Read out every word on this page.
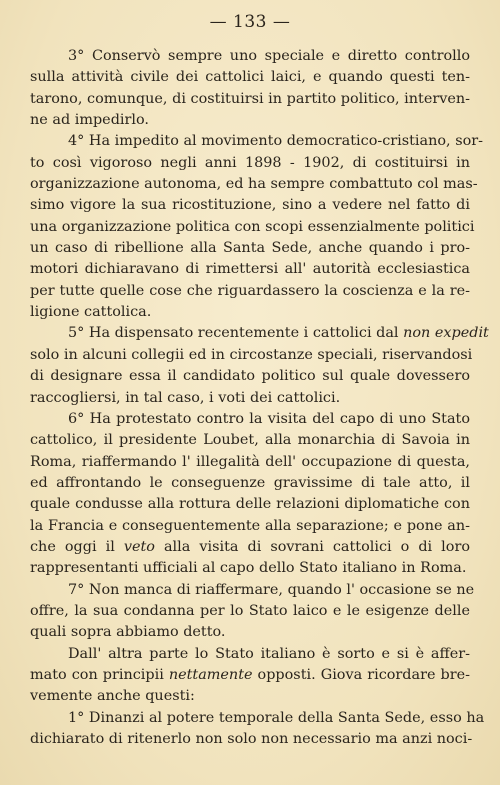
— 133 —
3° Conservò sempre uno speciale e diretto controllo
sulla attività civile dei cattolici laici, e quando questi ten-
tarono, comunque, di costituirsi in partito politico, interven-
ne ad impedirlo.
4° Ha impedito al movimento democratico-cristiano, sor-
to così vigoroso negli anni 1898 - 1902, di costituirsi in
organizzazione autonoma, ed ha sempre combattuto col mas-
simo vigore la sua ricostituzione, sino a vedere nel fatto di
una organizzazione politica con scopi essenzialmente politici
un caso di ribellione alla Santa Sede, anche quando i pro-
motori dichiaravano di rimettersi all' autorità ecclesiastica
per tutte quelle cose che riguardassero la coscienza e la re-
ligione cattolica.
5° Ha dispensato recentemente i cattolici dal non expedit
solo in alcuni collegii ed in circostanze speciali, riservandosi
di designare essa il candidato politico sul quale dovessero
raccogliersi, in tal caso, i voti dei cattolici.
6° Ha protestato contro la visita del capo di uno Stato
cattolico, il presidente Loubet, alla monarchia di Savoia in
Roma, riaffermando l' illegalità dell' occupazione di questa,
ed affrontando le conseguenze gravissime di tale atto, il
quale condusse alla rottura delle relazioni diplomatiche con
la Francia e conseguentemente alla separazione; e pone an-
che oggi il veto alla visita di sovrani cattolici o di loro
rappresentanti ufficiali al capo dello Stato italiano in Roma.
7° Non manca di riaffermare, quando l' occasione se ne
offre, la sua condanna per lo Stato laico e le esigenze delle
quali sopra abbiamo detto.
Dall' altra parte lo Stato italiano è sorto e si è affer-
mato con principii nettamente opposti. Giova ricordare bre-
vemente anche questi:
1° Dinanzi al potere temporale della Santa Sede, esso ha
dichiarato di ritenerlo non solo non necessario ma anzi noci-
